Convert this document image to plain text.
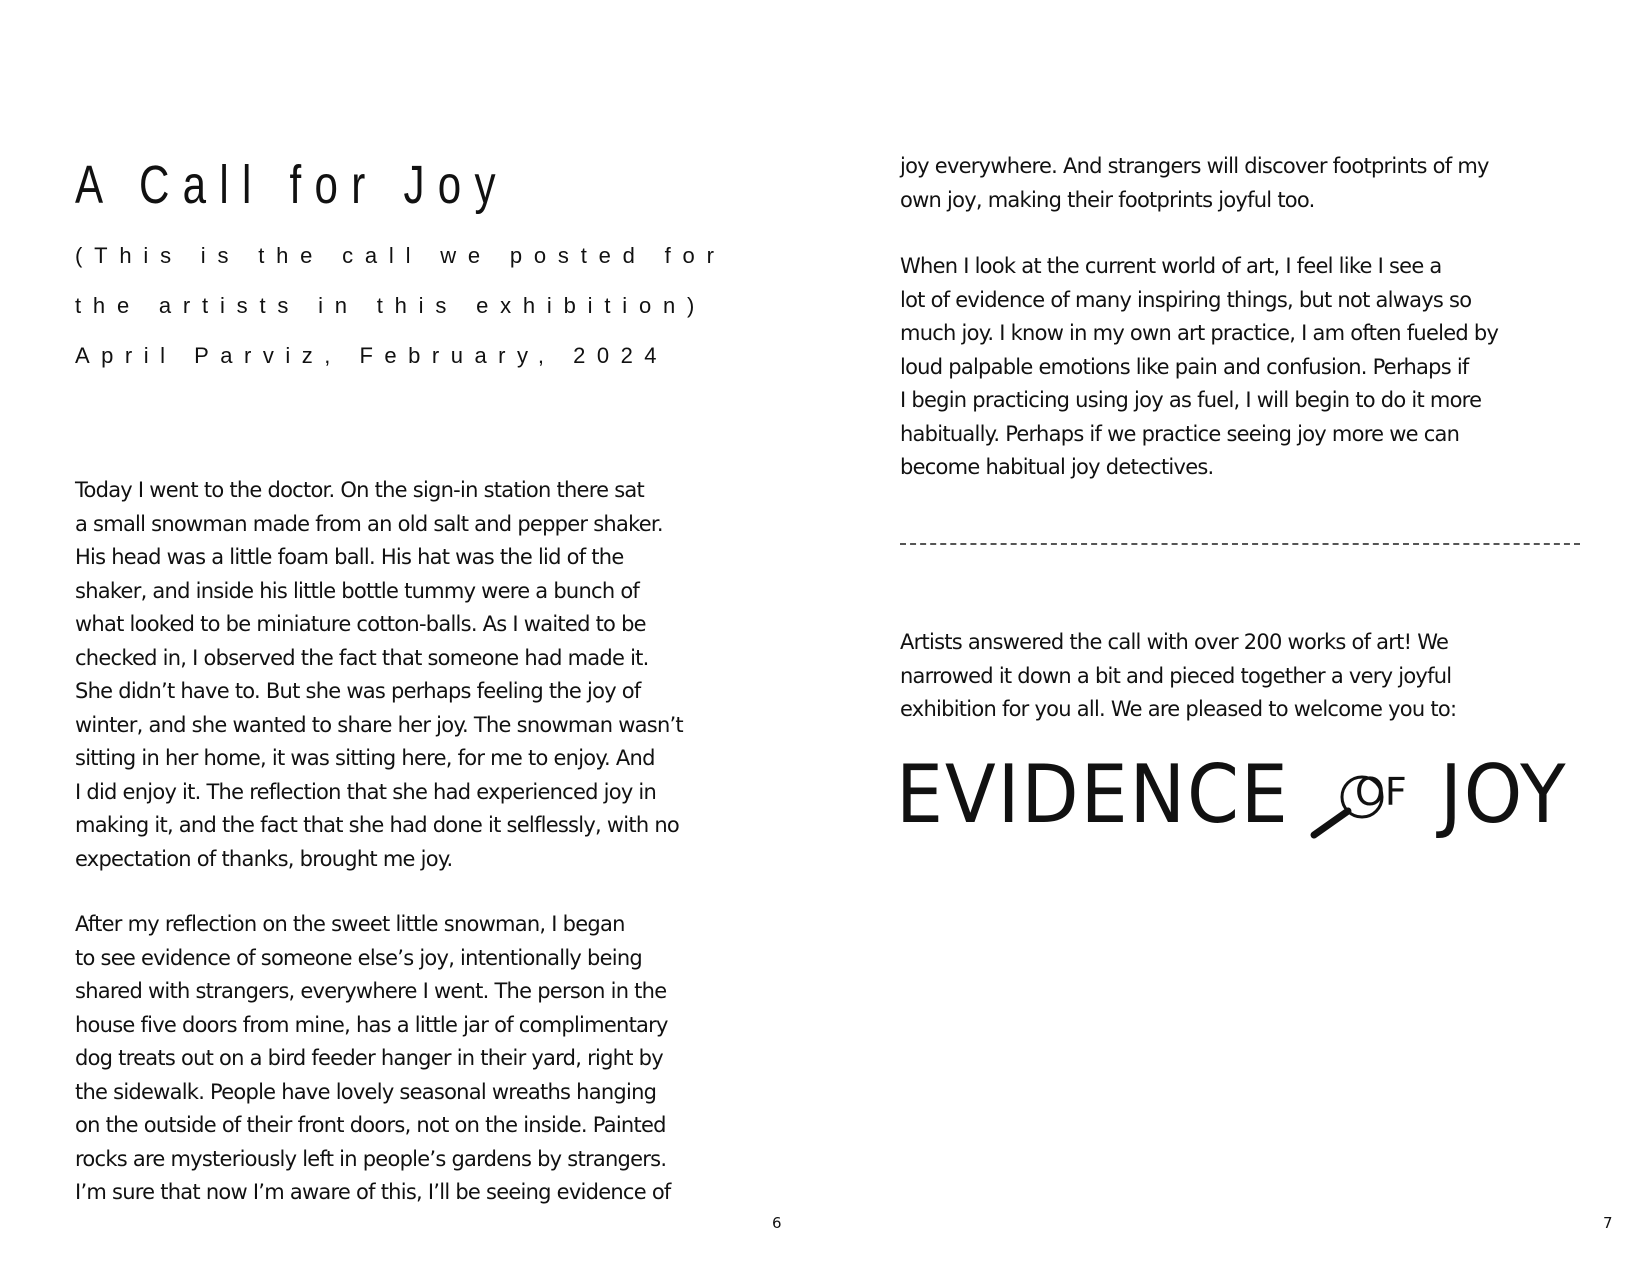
A Call for Joy

(This is the call we posted for

the artists in this exhibition)

April Parviz, February, 2024

Today I went to the doctor. On the sign-in station there sat
a small snowman made from an old salt and pepper shaker.
His head was a little foam ball. His hat was the lid of the
shaker, and inside his little bottle tummy were a bunch of
what looked to be miniature cotton-balls. As I waited to be
checked in, I observed the fact that someone had made it.
She didn’t have to. But she was perhaps feeling the joy of
winter, and she wanted to share her joy. The snowman wasn’t
sitting in her home, it was sitting here, for me to enjoy. And
I did enjoy it. The reflection that she had experienced joy in
making it, and the fact that she had done it selflessly, with no
expectation of thanks, brought me joy.

After my reflection on the sweet little snowman, I began
to see evidence of someone else’s joy, intentionally being
shared with strangers, everywhere I went. The person in the
house five doors from mine, has a little jar of complimentary
dog treats out on a bird feeder hanger in their yard, right by
the sidewalk. People have lovely seasonal wreaths hanging
on the outside of their front doors, not on the inside. Painted
rocks are mysteriously left in people’s gardens by strangers.
I’m sure that now I’m aware of this, I’ll be seeing evidence of

6

joy everywhere. And strangers will discover footprints of my
own joy, making their footprints joyful too.

When I look at the current world of art, I feel like I see a
lot of evidence of many inspiring things, but not always so
much joy. I know in my own art practice, I am often fueled by
loud palpable emotions like pain and confusion. Perhaps if
I begin practicing using joy as fuel, I will begin to do it more
habitually. Perhaps if we practice seeing joy more we can
become habitual joy detectives.

Artists answered the call with over 200 works of art! We
narrowed it down a bit and pieced together a very joyful
exhibition for you all. We are pleased to welcome you to:

EVIDENCE OF JOY

7
